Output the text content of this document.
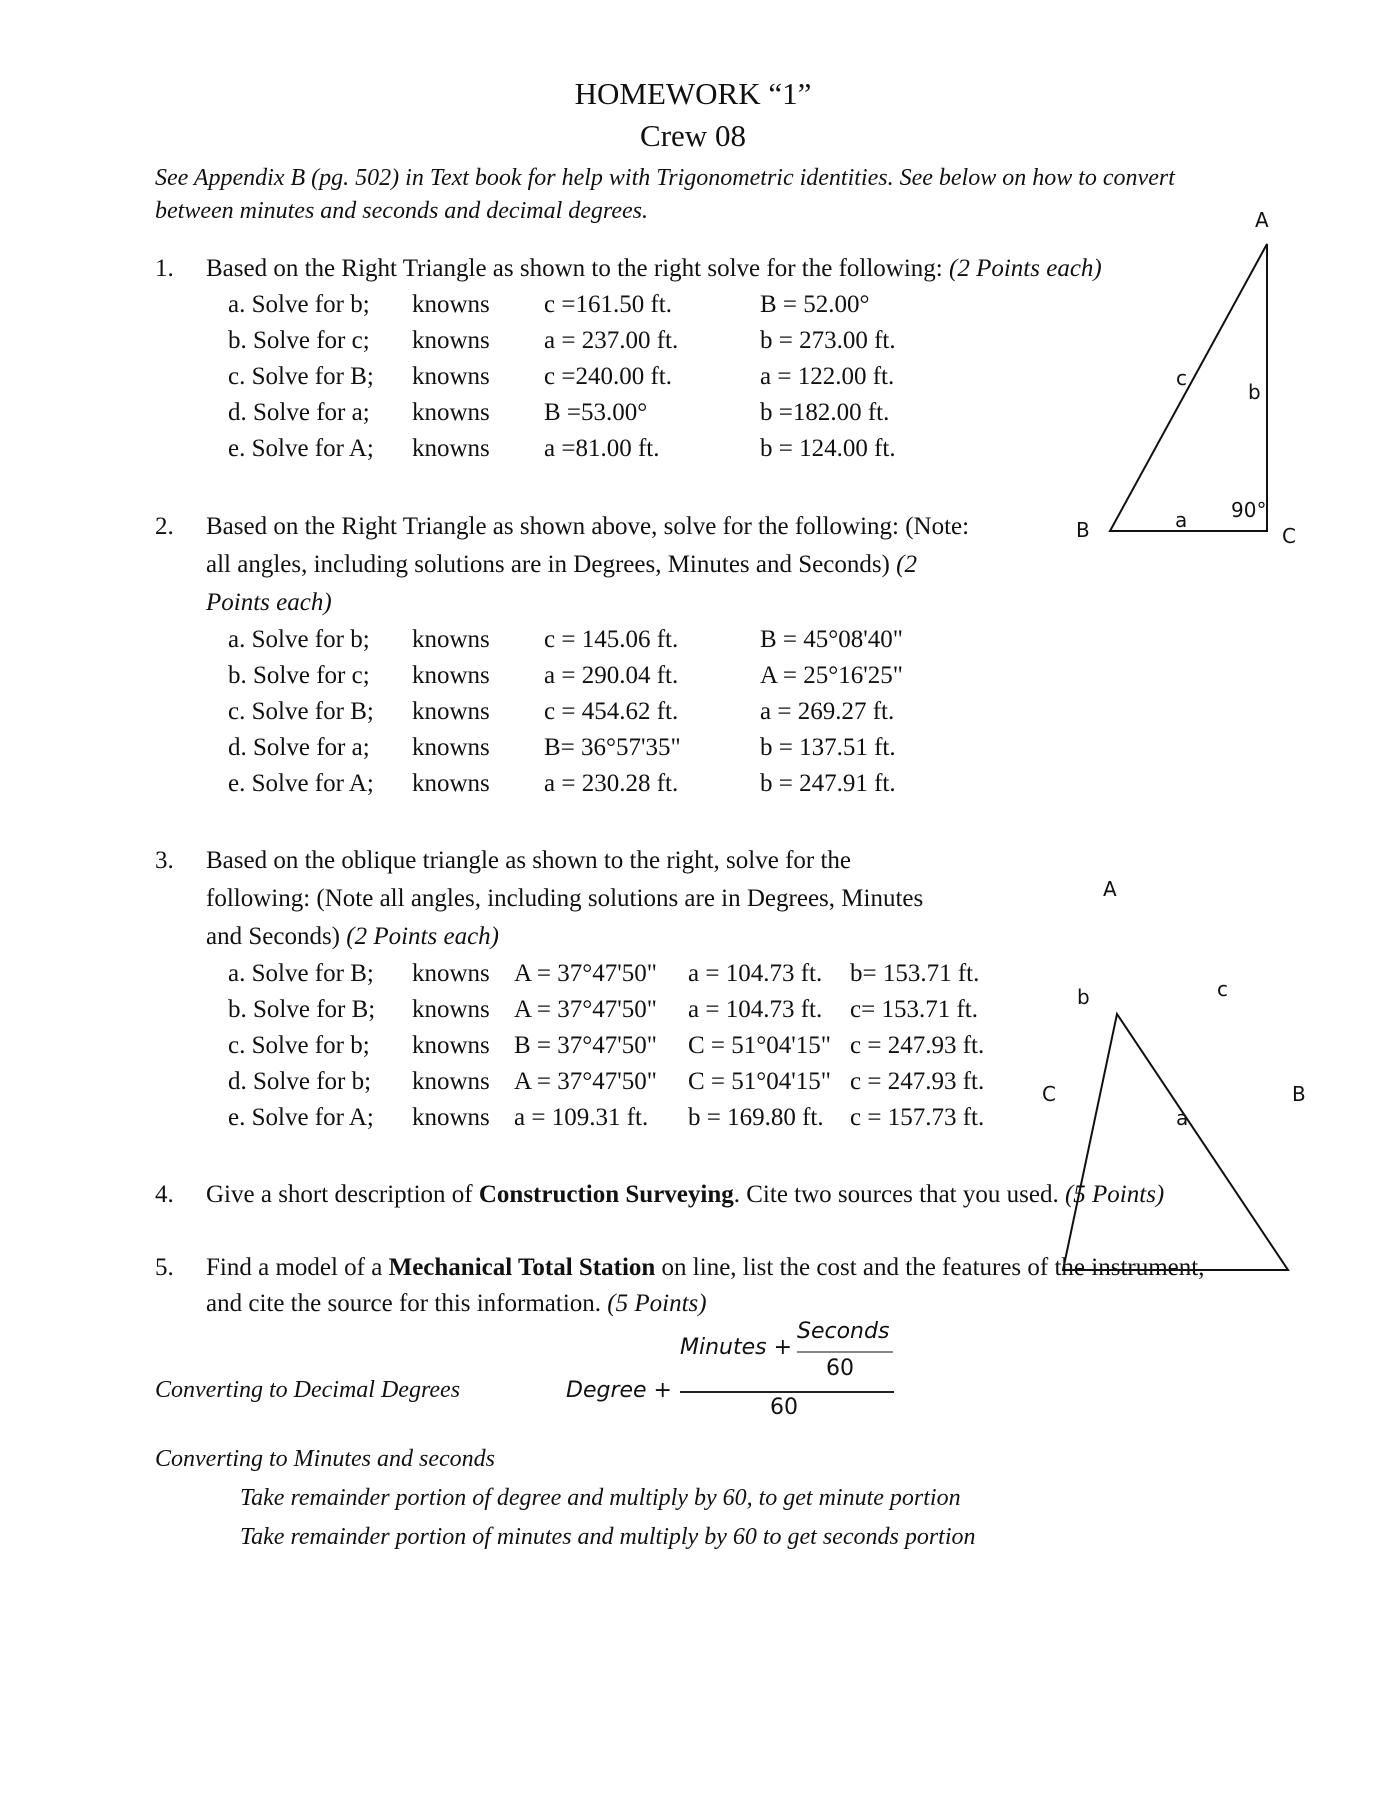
HOMEWORK “1”
Crew 08
See Appendix B (pg. 502) in Text book for help with Trigonometric identities. See below on how to convert
between minutes and seconds and decimal degrees.
1. Based on the Right Triangle as shown to the right solve for the following: (2 Points each)
a. Solve for b; knowns c =161.50 ft.	B = 52.00°
b. Solve for c; knowns a = 237.00 ft.	b = 273.00 ft.
c. Solve for B; knowns c =240.00 ft.	a = 122.00 ft.
d. Solve for a; knowns B =53.00°	b =182.00 ft.
e. Solve for A; knowns a =81.00 ft.	b = 124.00 ft.
A
B	C
c
b
a 90°
2. Based on the Right Triangle as shown above, solve for the following: (Note:
all angles, including solutions are in Degrees, Minutes and Seconds) (2
Points each)
a. Solve for b; knowns c = 145.06 ft.	B = 45°08'40"
b. Solve for c; knowns a = 290.04 ft.	A = 25°16'25"
c. Solve for B; knowns c = 454.62 ft.	a = 269.27 ft.
d. Solve for a; knowns B= 36°57'35"	b = 137.51 ft.
e. Solve for A; knowns a = 230.28 ft.	b = 247.91 ft.
3. Based on the oblique triangle as shown to the right, solve for the
following: (Note all angles, including solutions are in Degrees, Minutes
and Seconds) (2 Points each)
a. Solve for B; knowns A = 37°47'50" a = 104.73 ft. b= 153.71 ft.
b. Solve for B; knowns A = 37°47'50" a = 104.73 ft. c= 153.71 ft.
c. Solve for b; knowns B = 37°47'50" C = 51°04'15" c = 247.93 ft.
d. Solve for b; knowns A = 37°47'50" C = 51°04'15" c = 247.93 ft.
e. Solve for A; knowns a = 109.31 ft. b = 169.80 ft. c = 157.73 ft.
A
B
C
a
b	c
4. Give a short description of Construction Surveying. Cite two sources that you used. (5 Points)
5. Find a model of a Mechanical Total Station on line, list the cost and the features of the instrument,
and cite the source for this information. (5 Points)
Converting to Decimal Degrees	Degree +
Minutes +
Seconds
60
60
Converting to Minutes and seconds
Take remainder portion of degree and multiply by 60, to get minute portion
Take remainder portion of minutes and multiply by 60 to get seconds portion
